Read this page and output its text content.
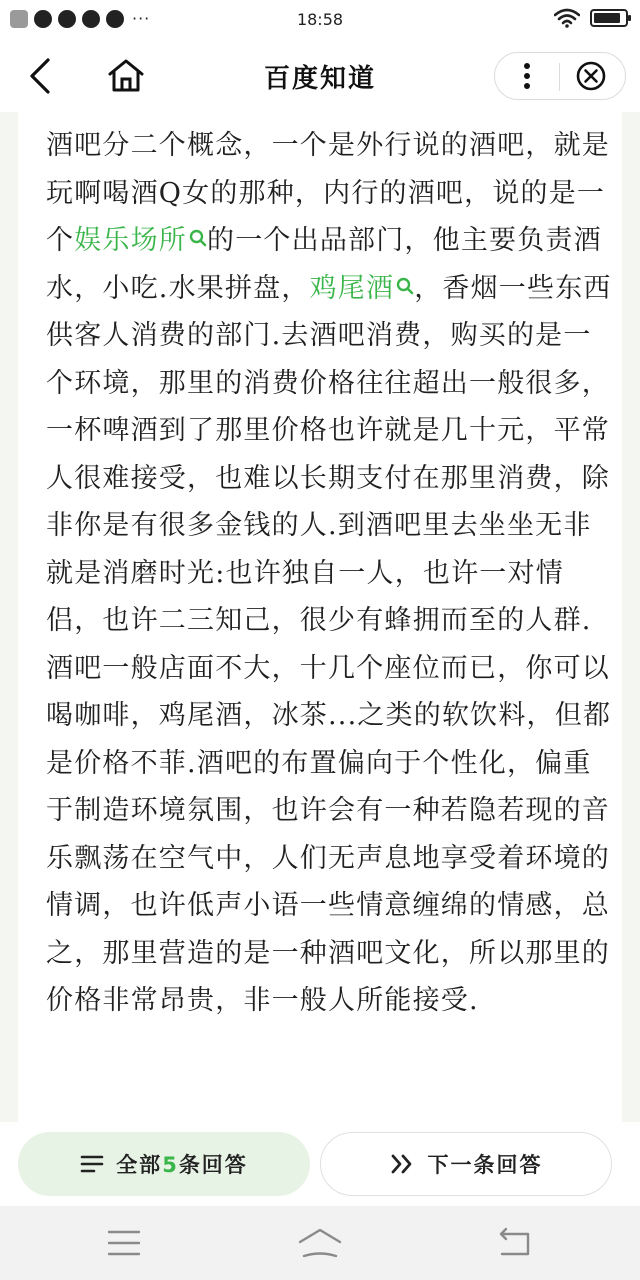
···	18:58
百度知道

酒吧分二个概念，一个是外行说的酒吧，就是玩啊喝酒Q女的那种，内行的酒吧，说的是一个娱乐场所 的一个出品部门，他主要负责酒水，小吃.水果拼盘，鸡尾酒 ，香烟一些东西供客人消费的部门.去酒吧消费，购买的是一个环境，那里的消费价格往往超出一般很多，一杯啤酒到了那里价格也许就是几十元，平常人很难接受，也难以长期支付在那里消费，除非你是有很多金钱的人.到酒吧里去坐坐无非就是消磨时光:也许独自一人，也许一对情侣，也许二三知己，很少有蜂拥而至的人群.酒吧一般店面不大，十几个座位而已，你可以喝咖啡，鸡尾酒，冰茶...之类的软饮料，但都是价格不菲.酒吧的布置偏向于个性化，偏重于制造环境氛围，也许会有一种若隐若现的音乐飘荡在空气中，人们无声息地享受着环境的情调，也许低声小语一些情意缠绵的情感，总之，那里营造的是一种酒吧文化，所以那里的价格非常昂贵，非一般人所能接受.

全部5条回答	下一条回答
